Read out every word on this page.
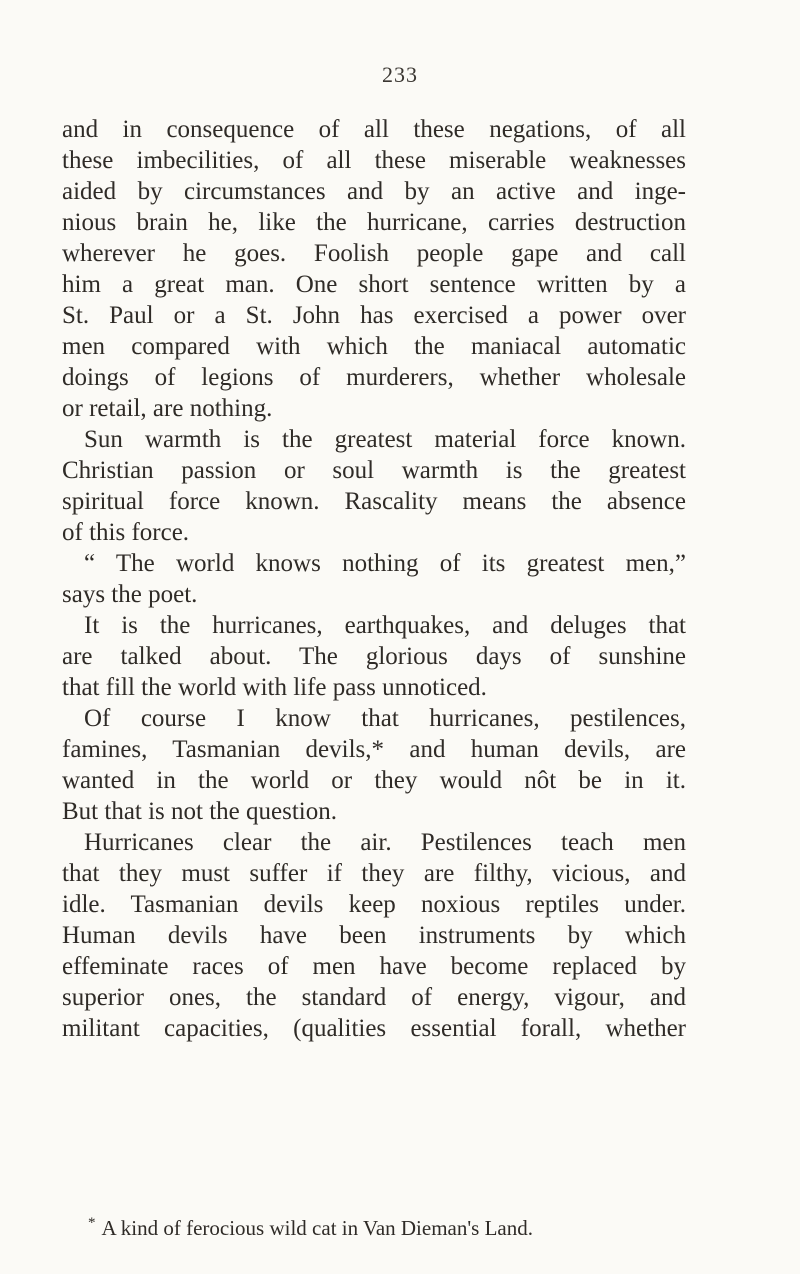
233
and in consequence of all these negations, of all
these imbecilities, of all these miserable weaknesses
aided by circumstances and by an active and inge-
nious brain he, like the hurricane, carries destruction
wherever he goes. Foolish people gape and call
him a great man. One short sentence written by a
St. Paul or a St. John has exercised a power over
men compared with which the maniacal automatic
doings of legions of murderers, whether wholesale
or retail, are nothing.
Sun warmth is the greatest material force known.
Christian passion or soul warmth is the greatest
spiritual force known. Rascality means the absence
of this force.
“ The world knows nothing of its greatest men,”
says the poet.
It is the hurricanes, earthquakes, and deluges that
are talked about. The glorious days of sunshine
that fill the world with life pass unnoticed.
Of course I know that hurricanes, pestilences,
famines, Tasmanian devils,* and human devils, are
wanted in the world or they would nôt be in it.
But that is not the question.
Hurricanes clear the air. Pestilences teach men
that they must suffer if they are filthy, vicious, and
idle. Tasmanian devils keep noxious reptiles under.
Human devils have been instruments by which
effeminate races of men have become replaced by
superior ones, the standard of energy, vigour, and
militant capacities, (qualities essential forall, whether
* A kind of ferocious wild cat in Van Dieman's Land.
